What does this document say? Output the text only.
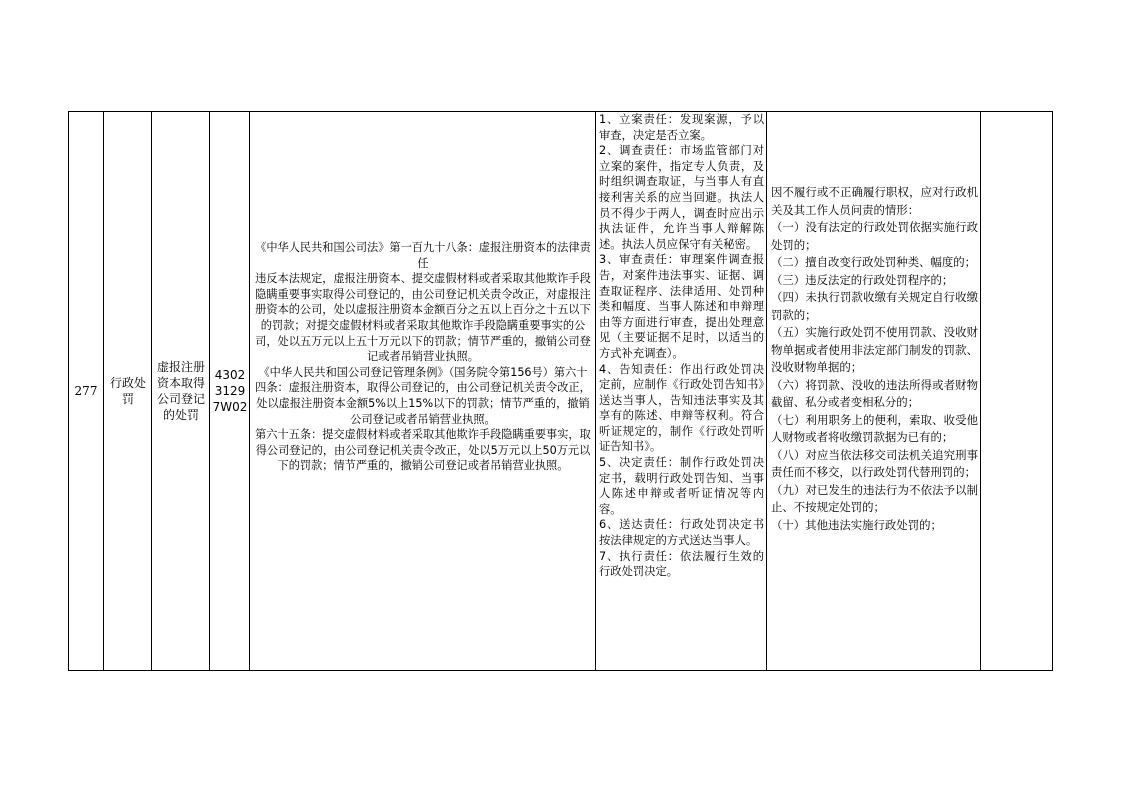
277
行政处罚
虚报注册资本取得公司登记的处罚
43023129 7W02

《中华人民共和国公司法》第一百九十八条：虚报注册资本的法律责任

违反本法规定，虚报注册资本、提交虚假材料或者采取其他欺诈手段隐瞒重要事实取得公司登记的，由公司登记机关责令改正，对虚报注册资本的公司，处以虚报注册资本金额百分之五以上百分之十五以下的罚款；对提交虚假材料或者采取其他欺诈手段隐瞒重要事实的公司，处以五万元以上五十万元以下的罚款；情节严重的，撤销公司登记或者吊销营业执照。

《中华人民共和国公司登记管理条例》（国务院令第156号）第六十四条：虚报注册资本，取得公司登记的，由公司登记机关责令改正，处以虚报注册资本金额5%以上15%以下的罚款；情节严重的，撤销公司登记或者吊销营业执照。

第六十五条：提交虚假材料或者采取其他欺诈手段隐瞒重要事实，取得公司登记的，由公司登记机关责令改正，处以5万元以上50万元以下的罚款；情节严重的，撤销公司登记或者吊销营业执照。

1、立案责任：发现案源，予以审查，决定是否立案。

2、调查责任：市场监管部门对立案的案件，指定专人负责，及时组织调查取证，与当事人有直接利害关系的应当回避。执法人员不得少于两人，调查时应出示执法证件，允许当事人辩解陈述。执法人员应保守有关秘密。

3、审查责任：审理案件调查报告，对案件违法事实、证据、调查取证程序、法律适用、处罚种类和幅度、当事人陈述和申辩理由等方面进行审查，提出处理意见（主要证据不足时，以适当的方式补充调查）。

4、告知责任：作出行政处罚决定前，应制作《行政处罚告知书》送达当事人，告知违法事实及其享有的陈述、申辩等权利。符合听证规定的，制作《行政处罚听证告知书》。

5、决定责任：制作行政处罚决定书，载明行政处罚告知、当事人陈述申辩或者听证情况等内容。

6、送达责任：行政处罚决定书按法律规定的方式送达当事人。

7、执行责任：依法履行生效的行政处罚决定。

因不履行或不正确履行职权，应对行政机关及其工作人员问责的情形：

（一）没有法定的行政处罚依据实施行政处罚的；

（二）擅自改变行政处罚种类、幅度的；

（三）违反法定的行政处罚程序的；

（四）未执行罚款收缴有关规定自行收缴罚款的；

（五）实施行政处罚不使用罚款、没收财物单据或者使用非法定部门制发的罚款、没收财物单据的；

（六）将罚款、没收的违法所得或者财物截留、私分或者变相私分的；

（七）利用职务上的便利，索取、收受他人财物或者将收缴罚款据为已有的；

（八）对应当依法移交司法机关追究刑事责任而不移交，以行政处罚代替刑罚的；

（九）对已发生的违法行为不依法予以制止、不按规定处罚的；

（十）其他违法实施行政处罚的；
